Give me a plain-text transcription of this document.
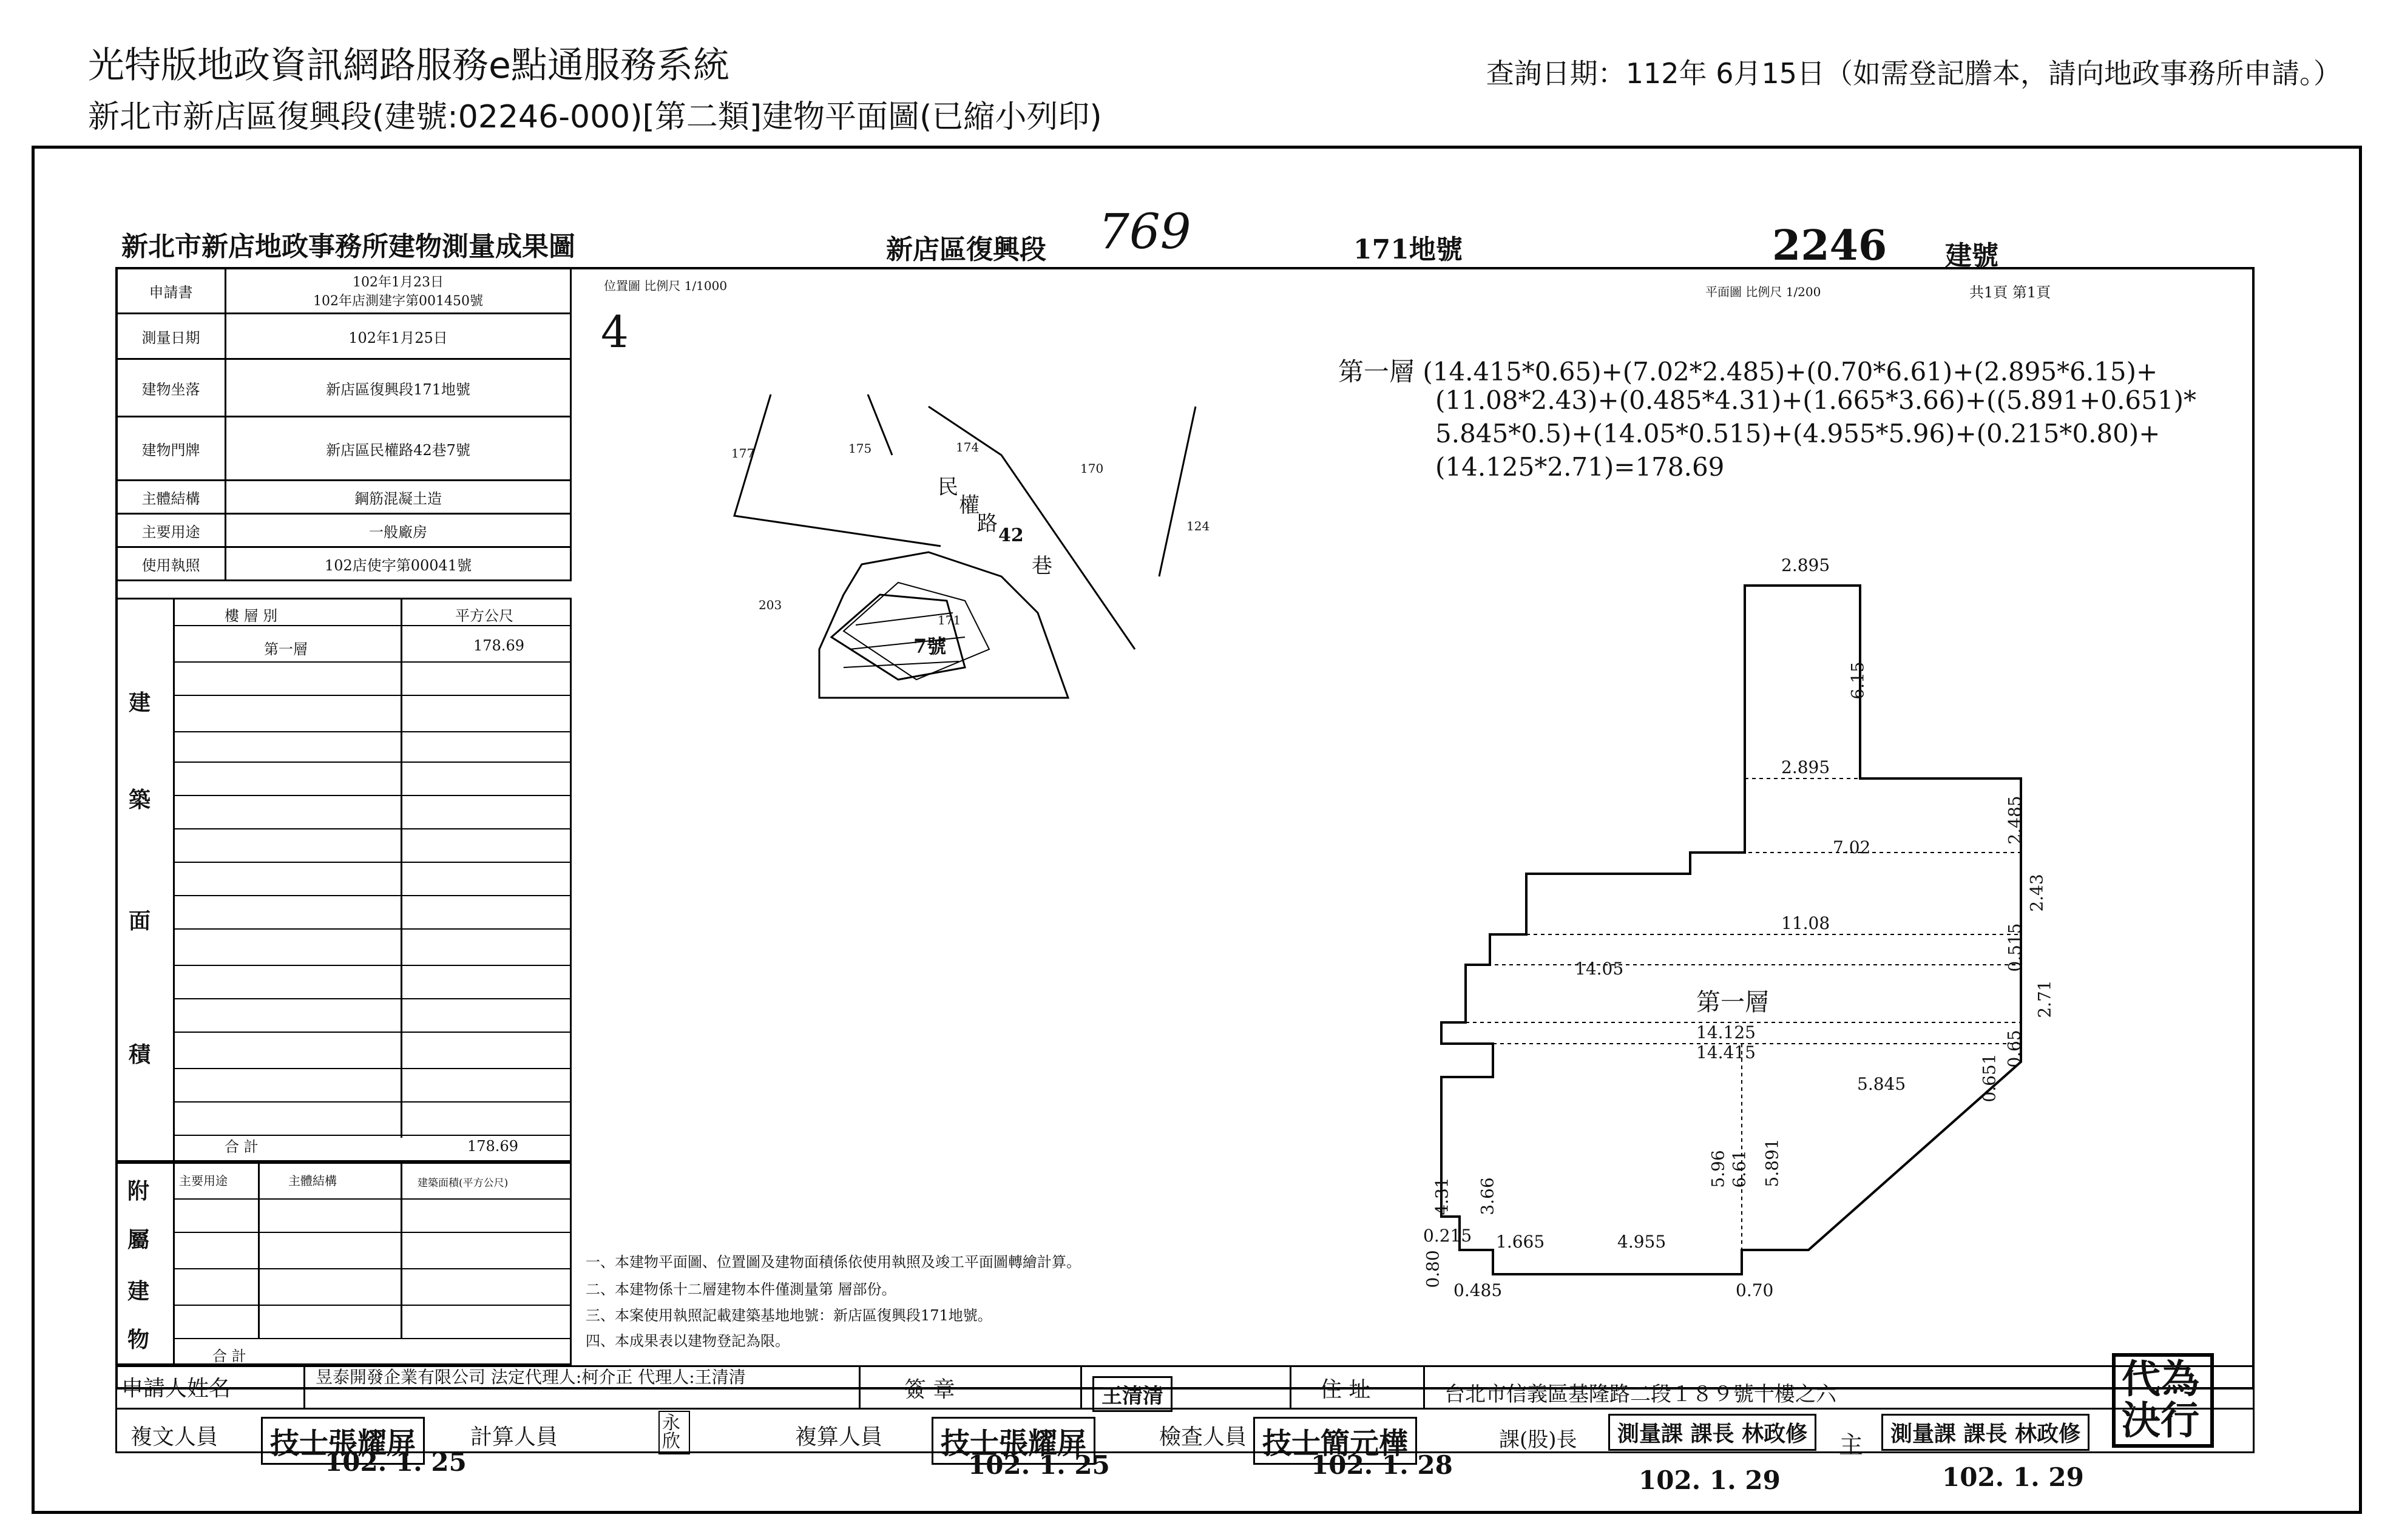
光特版地政資訊網路服務e點通服務系統
新北市新店區復興段(建號:02246-000)[第二類]建物平面圖(已縮小列印)
查詢日期：112年 6月15日（如需登記謄本，請向地政事務所申請。）
新北市新店地政事務所建物測量成果圖	新店區復興段 769	171地號	2246 建號
申請書	102年1月23日
102年店測建字第001450號
測量日期	102年1月25日
建物坐落	新店區復興段171地號
建物門牌	新店區民權路42巷7號
主體結構	鋼筋混凝土造
主要用途	一般廠房
使用執照	102店使字第00041號
樓 層 別	平方公尺
第一層	178.69
建
築
面
積
合 計	178.69
主要用途	主體結構	建築面積(平方公尺)
附
屬
建
物
合 計
位置圖 比例尺 1/1000
4
177	175	174
170
124
203
171
7號
民
權
路 42
巷
平面圖 比例尺 1/200	共1頁 第1頁
第一層 (14.415*0.65)+(7.02*2.485)+(0.70*6.61)+(2.895*6.15)+
(11.08*2.43)+(0.485*4.31)+(1.665*3.66)+((5.891+0.651)*
5.845*0.5)+(14.05*0.515)+(4.955*5.96)+(0.215*0.80)+
(14.125*2.71)=178.69
2.895
6.15
2.895
2.485
7.02
2.43
11.08	0.515
14.05
14.125
2.71
14.415	0.65
0.651
5.845
5.96 6.61 5.891
4.31 3.66
0.215 1.665	4.955
0.80
0.485	0.70
第一層
一、本建物平面圖、位置圖及建物面積係依使用執照及竣工平面圖轉繪計算。
二、本建物係十二層建物本件僅測量第 層部份。
三、本案使用執照記載建築基地地號：新店區復興段171地號。
四、本成果表以建物登記為限。
申請人姓名	昱泰開發企業有限公司 法定代理人:柯介正 代理人:王清清
簽 章	王清清	住 址	台北市信義區基隆路二段１８９號十樓之六
複文人員	技士張耀屏
102. 1. 25
計算人員
永欣	複算人員	技士張耀屏
102. 1. 25
檢查人員 技士簡元樺
102. 1. 28
課(股)長	測量課 課長 林政修
102. 1. 29
主	測量課 課長 林政修
102. 1. 29
代為決行
